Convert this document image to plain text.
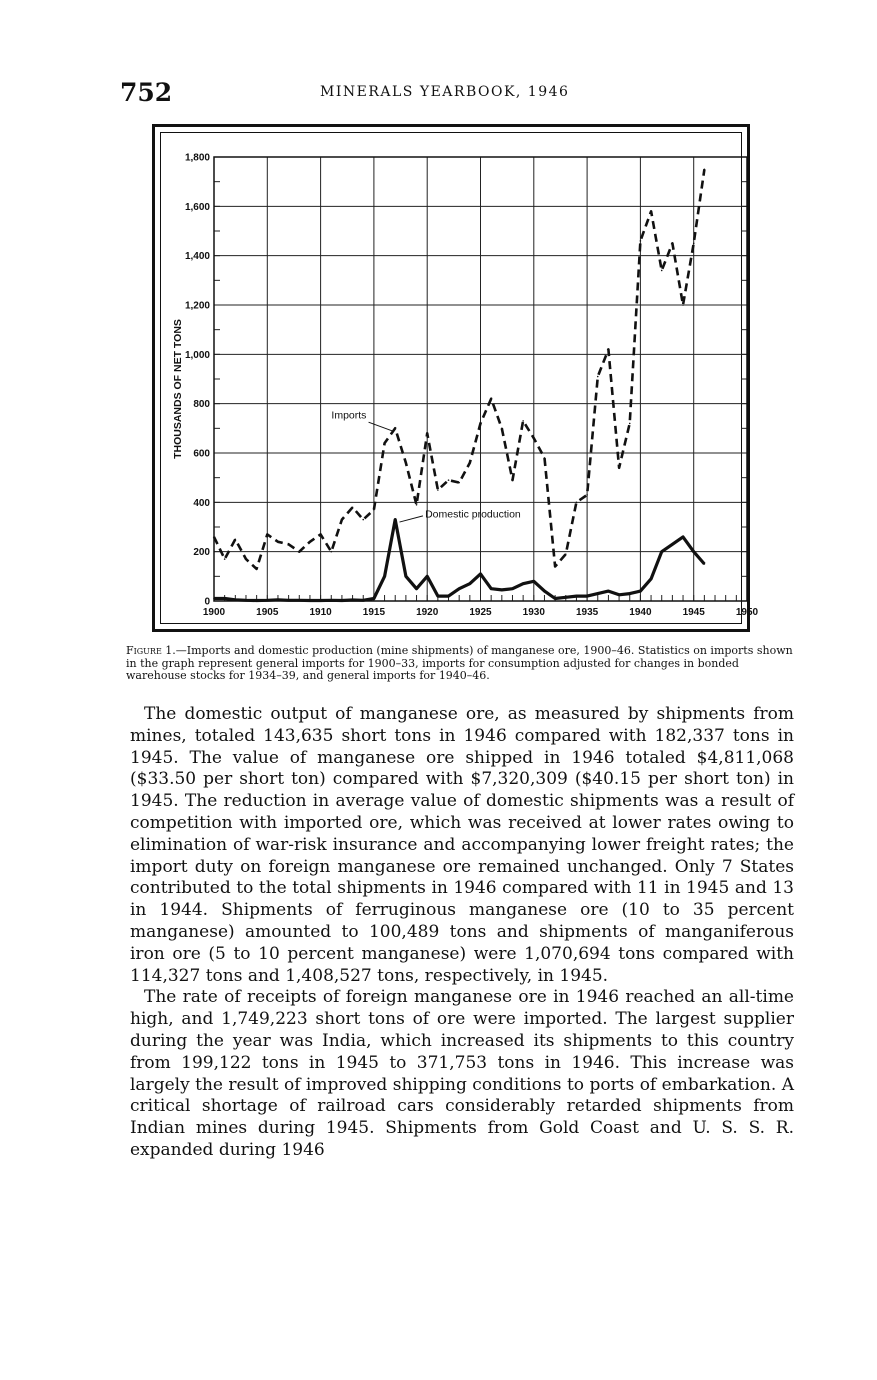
752	MINERALS YEARBOOK, 1946
1900	1905	1910	1915	1920	1925	1930	1935	1940	1945	1950
0
200
400
600
800
1,000
1,200
1,400
1,600
1,800
THOUSANDS OF NET TONS	Imports
Domestic production
Figure 1.—Imports and domestic production (mine shipments) of manganese ore, 1900–46. Statistics on imports shown in the graph represent general imports for 1900–33, imports for consumption adjusted for changes in bonded warehouse stocks for 1934–39, and general imports for 1940–46.

The domestic output of manganese ore, as measured by shipments from mines, totaled 143,635 short tons in 1946 compared with 182,337 tons in 1945. The value of manganese ore shipped in 1946 totaled $4,811,068 ($33.50 per short ton) compared with $7,320,309 ($40.15 per short ton) in 1945. The reduction in average value of domestic shipments was a result of competition with imported ore, which was received at lower rates owing to elimination of war-risk insurance and accompanying lower freight rates; the import duty on foreign manganese ore remained unchanged. Only 7 States contributed to the total shipments in 1946 compared with 11 in 1945 and 13 in 1944. Shipments of ferruginous manganese ore (10 to 35 percent manganese) amounted to 100,489 tons and shipments of manganiferous iron ore (5 to 10 percent manganese) were 1,070,694 tons compared with 114,327 tons and 1,408,527 tons, respectively, in 1945.

The rate of receipts of foreign manganese ore in 1946 reached an all-time high, and 1,749,223 short tons of ore were imported. The largest supplier during the year was India, which increased its shipments to this country from 199,122 tons in 1945 to 371,753 tons in 1946. This increase was largely the result of improved shipping conditions to ports of embarkation. A critical shortage of railroad cars considerably retarded shipments from Indian mines during 1945. Shipments from Gold Coast and U. S. S. R. expanded during 1946
